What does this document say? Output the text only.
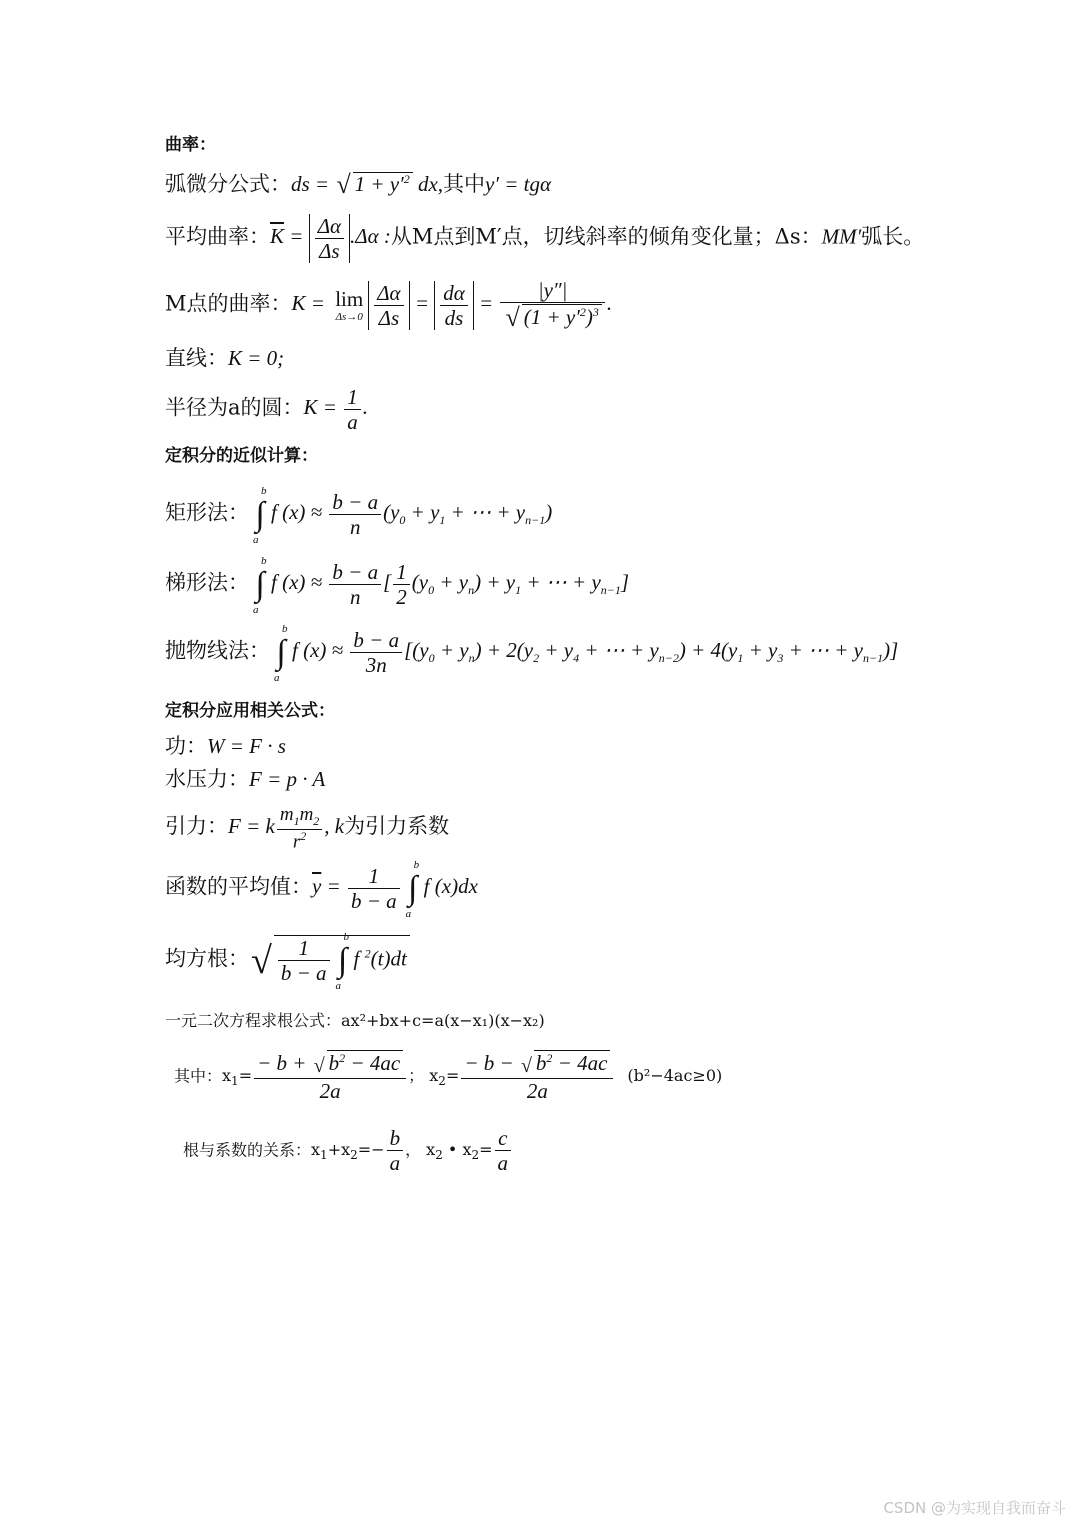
曲率：
弧微分公式：ds = √ $1 + y'^2$ dx,其中y′ = tgα
平均曲率：$\overline{K} = \frac{\Delta\alpha}{\Delta s} .\Delta\alpha$ :从M点到M′点，切线斜率的倾角变化量；Δs：MM′弧长。
M点的曲率：K = lim
$\Delta s\to 0 \frac{\Delta\alpha}{\Delta s} = \frac{d\alpha}{ds} = \frac{|y''|}{√ (1 + y'^2)^3}$ .
直线：K = 0;
半径为a的圆：$K = \frac{1}{a}$ .
定积分的近似计算：
矩形法： ∫
b
a
f $(x) \approx \frac{b - a}{n} (y_0 + y_1$ + ⋯ + $y_{n-1}$)
梯形法： ∫
b
a
f $(x) \approx \frac{b - a}{n}$ [ $\frac{1}{2} (y_0 + y_n) + y_1$ + ⋯ + $y_{n-1}$]
抛物线法： ∫
b
a
f $(x) \approx \frac{b - a}{3n} [(y_0 + y_n) + 2(y_2 + y_4$ + ⋯ + $y_{n-2}) + 4(y_1 + y_3$ + ⋯ + $y_{n-1}$)]
定积分应用相关公式：
功：W = F · s
水压力：F = p · A
引力：F = k $\frac{m_1m_2}{r^2}$ , k为引力系数
函数的平均值：$\overline{y} = \frac{1}{b - a}$ ∫
b
a
f (x)dx
均方根：√ $\frac{1}{b - a}$ ∫
b
a
f $^2$(t)dt
一元二次方程求根公式：ax²+bx+c=a(x−x₁)(x−x₂)
其中：$x_1= \frac{- b + √ b^2 - 4ac}{2a}$ ； $x_2= \frac{- b - √ b^2 - 4ac}{2a} (b^2-4ac\ge 0)$
根与系数的关系：$x_1+x_2=- \frac{b}{a}$ ， $x_2$ • $x_2= \frac{c}{a}$
CSDN @为实现自我而奋斗
